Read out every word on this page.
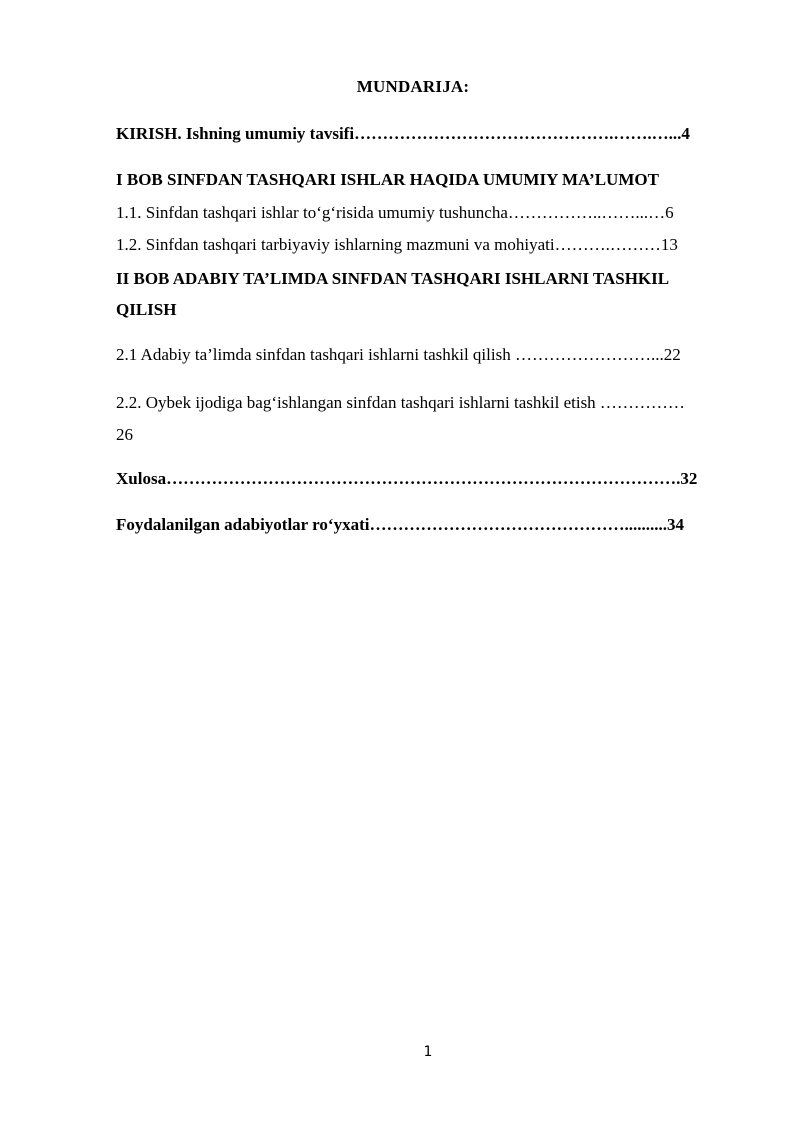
MUNDARIJA:
KIRISH. Ishning umumiy tavsifi……………………………………….…….…...4
I BOB SINFDAN TASHQARI ISHLAR HAQIDA UMUMIY MA’LUMOT
1.1. Sinfdan tashqari ishlar to‘g‘risida umumiy tushuncha……………..……...…6
1.2. Sinfdan tashqari tarbiyaviy ishlarning mazmuni va mohiyati……….………13
II BOB ADABIY TA’LIMDA SINFDAN TASHQARI ISHLARNI TASHKIL
QILISH
2.1 Adabiy ta’limda sinfdan tashqari ishlarni tashkil qilish ……………………...22
2.2. Oybek ijodiga bag‘ishlangan sinfdan tashqari ishlarni tashkil etish ……………
26
Xulosa……………………………………………………………………………….32
Foydalanilgan adabiyotlar ro‘yxati………………………………………..........34
1
